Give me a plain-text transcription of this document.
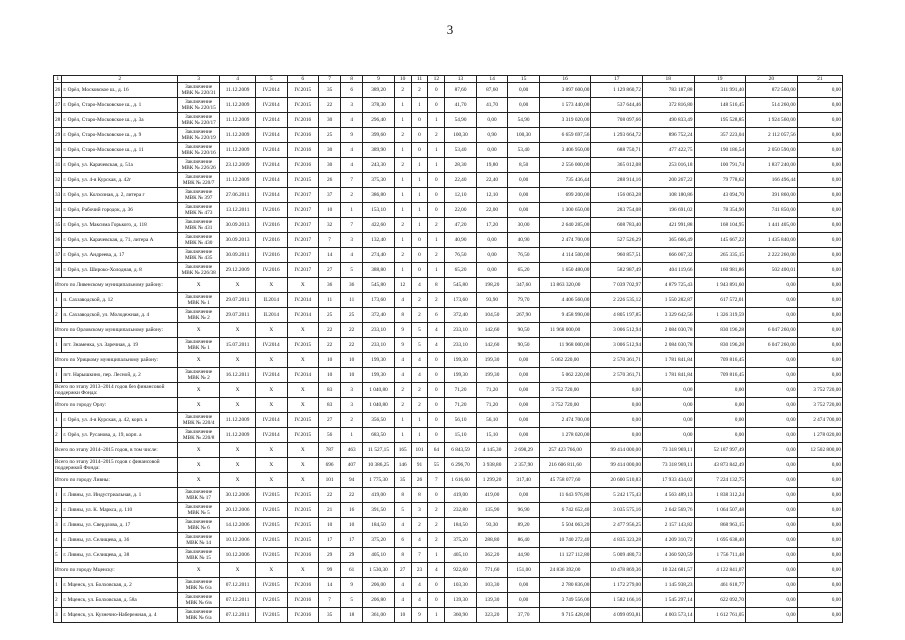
3
1	2	3	4	5	6	7	8	9	10	11	12	13	14	15	16	17	18	19	20	21
26	г. Орёл, Московское ш., д. 16	Заключение МВК № 220/31	11.12.2009	IV.2014	IV.2015	35	6	389,20	2	2	0	87,60	87,60	0,00	3 097 600,00	1 129 860,72	783 187,88	311 991,40	872 560,00	0,00
27	г. Орёл, Старо-Московское ш., д. 1	Заключение МВК № 220/15	11.12.2009	IV.2014	IV.2015	22	3	378,30	1	1	0	41,70	41,70	0,00	1 573 440,00	537 644,46	372 816,80	148 516,45	514 260,00	0,00
28	г. Орёл, Старо-Московское ш., д. 3а	Заключение МВК № 220/17	11.12.2009	IV.2014	IV.2016	30	4	296,40	1	0	1	54,90	0,00	54,90	3 319 020,00	708 097,66	490 833,49	195 528,85	1 924 560,00	0,00
29	г. Орёл, Старо-Московское ш., д. 9	Заключение МВК № 220/19	11.12.2009	IV.2014	IV.2016	25	9	399,60	2	0	2	100,30	0,90	100,30	6 659 697,56	1 293 664,72	896 752,24	357 223,04	2 112 057,56	0,00
30	г. Орёл, Старо-Московское ш., д. 11	Заключение МВК № 220/16	11.12.2009	IV.2014	IV.2016	30	4	389,90	1	0	1	53,40	0,00	53,40	3 406 950,00	688 750,71	477 422,75	190 186,54	2 050 590,00	0,00
31	г. Орёл, ул. Карачевская, д. 51а	Заключение МВК № 226/26	23.12.2009	IV.2014	IV.2016	30	4	243,30	2	1	1	28,30	19,80	8,50	2 556 000,00	365 012,08	253 016,18	100 791,74	1 837 240,00	0,00
32	г. Орёл, ул. 4-я Курская, д. 42г	Заключение МВК № 220/7	11.12.2009	IV.2014	IV.2015	26	7	375,30	1	1	0	22,40	22,40	0,00	735 436,44	288 914,16	200 267,22	79 778,62	166 496,44	0,00
33	г. Орёл, ул. Колхозная, д. 2, литера г	Заключение МВК № 397	27.06.2011	IV.2014	IV.2017	37	2	386,80	1	1	0	12,10	12,10	0,00	699 200,00	156 063,28	108 180,86	43 094,70	391 860,00	0,00
34	г. Орёл, Рабочий городок, д. 36	Заключение МВК № 473	13.12.2011	IV.2016	IV.2017	10	1	153,10	1	1	0	22,00	22,00	0,00	1 300 650,00	283 754,08	196 691,02	78 354,90	741 850,00	0,00
35	г. Орёл, ул. Максима Горького, д. 118	Заключение МВК № 431	30.09.2013	IV.2016	IV.2017	32	7	422,60	2	1	2	47,20	17,20	30,00	2 640 285,00	608 783,40	421 991,88	168 104,95	1 441 405,00	0,00
36	г. Орёл, ул. Карачевская, д. 71, литера А	Заключение МВК № 430	30.09.2013	IV.2016	IV.2017	7	3	132,40	1	0	1	40,90	0,00	40,90	2 474 700,00	527 526,29	365 666,49	145 667,22	1 435 840,00	0,00
37	г. Орёл, ул. Андреева, д. 17	Заключение МВК № 435	30.09.2011	IV.2016	IV.2017	14	4	274,40	2	0	2	76,50	0,00	76,50	4 114 500,00	960 857,51	666 067,32	265 335,15	2 222 260,00	0,00
38	г. Орёл, ул. Широко-Холодная, д. 8	Заключение МВК № 226/38	29.12.2009	IV.2016	IV.2017	27	5	388,80	1	0	1	65,20	0,00	65,20	1 650 480,00	582 987,49	404 119,66	160 981,86	502 400,01	0,00
Итого по Ливенскому муниципальному району:		X	X	X	X	36	36	545,80	12	4	8	545,80	198,20	347,60	13 863 320,00	7 039 702,97	4 879 725,43	1 943 891,60	0,00	0,00
1	п. Сахзаводской, д. 12	Заключение МВК № 1	29.07.2011	II.2014	IV.2014	11	11	173,60	4	2	2	173,60	93,90	79,70	4 406 560,00	2 226 535,12	1 550 282,87	617 572,01	0,00	0,00
2	п. Сахзаводской, ул. Молодежная, д. 4	Заключение МВК № 2	29.07.2011	II.2014	IV.2014	25	25	372,40	8	2	6	372,40	104,50	267,90	9 458 990,00	4 805 197,85	3 329 642,56	1 326 319,59	0,00	0,00
Итого по Орловскому муниципальному району:		X	X	X	X	22	22	233,10	9	5	4	233,10	142,60	90,50	11 968 000,00	3 006 512,94	2 084 030,78	830 196,28	6 047 260,00	0,00
1	пгт. Знаменка, ул. Заречная, д. 19	Заключение МВК № 1	15.07.2011	IV.2014	IV.2015	22	22	233,10	9	5	4	233,10	142,60	90,50	11 968 000,00	3 006 512,94	2 084 030,78	830 196,28	6 047 260,00	0,00
Итого по Урицкому муниципальному району:		X	X	X	X	10	10	199,30	4	4	0	199,30	199,30	0,00	5 062 220,00	2 570 361,71	1 781 841,84	709 816,45	0,00	0,00
1	пгт. Нарышкино, пер. Лесной, д. 2	Заключение МВК № 2	16.12.2011	IV.2014	IV.2014	10	10	199,30	4	4	0	199,30	199,30	0,00	5 062 220,00	2 570 361,71	1 781 841,84	709 816,45	0,00	0,00
Всего по этапу 2013–2014 годов без финансовой поддержки Фонда:		X	X	X	X	83	3	1 040,80	2	2	0	71,20	71,20	0,00	3 752 720,00	0,00	0,00	0,00	0,00	3 752 720,00
Итого по городу Орлу:		X	X	X	X	83	3	1 040,80	2	2	0	71,20	71,20	0,00	3 752 720,00	0,00	0,00	0,00	0,00	3 752 720,00
1	г. Орёл, ул. 4-я Курская, д. 42, корп. а	Заключение МВК № 220/4	11.12.2009	IV.2014	IV.2015	27	2	356,50	1	1	0	56,10	56,10	0,00	2 474 700,00	0,00	0,00	0,00	0,00	2 474 700,00
2	г. Орёл, ул. Русанова, д. 19, корп. а	Заключение МВК № 220/8	11.12.2009	IV.2014	IV.2015	56	1	683,50	1	1	0	15,10	15,10	0,00	1 278 020,00	0,00	0,00	0,00	0,00	1 278 020,00
Всего по этапу 2014–2015 годов, в том числе:		X	X	X	X	787	463	11 527,15	165	101	64	6 843,59	4 145,30	2 698,29	257 423 766,00	99 414 000,00	73 318 969,11	52 187 997,49	0,00	12 502 800,00
Всего по этапу 2014–2015 годов с финансовой поддержкой Фонда:		X	X	X	X	696	407	10 386,25	146	91	55	6 296,70	3 938,80	2 357,90	216 606 811,60	99 414 000,00	73 318 969,11	43 873 842,49	0,00	0,00
Итого по городу Ливны:		X	X	X	X	101	94	1 775,30	35	26	7	1 616,60	1 299,20	317,40	45 758 077,60	20 600 510,83	17 933 434,02	7 224 132,75	0,00	0,00
1	г. Ливны, ул. Индустриальная, д. 1	Заключение МВК № 17	30.12.2006	IV.2015	IV.2015	22	22	419,00	8	8	0	419,00	419,00	0,00	11 643 976,80	5 242 175,43	4 563 489,13	1 838 312,24	0,00	0,00
2	г. Ливны, ул. К. Маркса, д. 110	Заключение МВК № 5	20.12.2006	IV.2015	IV.2015	21	16	391,50	5	3	2	232,80	135,90	96,90	6 742 652,40	3 035 575,16	2 642 569,76	1 064 507,48	0,00	0,00
3	г. Ливны, ул. Свердлова, д. 17	Заключение МВК № 6	14.12.2006	IV.2015	IV.2015	10	10	184,50	4	2	2	184,50	93,30	89,20	5 504 063,20	2 477 956,25	2 157 143,82	868 963,15	0,00	0,00
4	г. Ливны, ул. Селищева, д. 36	Заключение МВК № 14	10.12.2006	IV.2015	IV.2015	17	17	375,20	6	4	2	375,20	288,80	86,40	10 740 272,40	4 835 323,28	4 209 310,72	1 695 638,40	0,00	0,00
5	г. Ливны, ул. Селищева, д. 38	Заключение МВК № 15	10.12.2006	IV.2015	IV.2016	29	29	405,10	8	7	1	405,10	362,20	44,90	11 127 112,80	5 009 480,73	4 360 920,59	1 756 711,48	0,00	0,00
Итого по городу Мценску:		X	X	X	X	99	61	1 530,30	27	23	4	922,60	771,60	151,00	24 836 392,00	10 478 869,36	10 324 681,57	4 122 841,07	0,00	0,00
1	г. Мценск, ул. Болховская, д. 2	Заключение МВК № 6/а	07.12.2011	IV.2015	IV.2016	14	9	206,00	4	4	0	103,30	103,30	0,00	2 780 836,00	1 172 279,00	1 145 938,23	461 618,77	0,00	0,00
2	г. Мценск, ул. Болховская, д. 58а	Заключение МВК № 6/в	07.12.2011	IV.2015	IV.2016	7	5	206,80	4	4	0	139,30	139,30	0,00	3 749 556,00	1 582 166,16	1 545 297,14	622 092,70	0,00	0,00
3	г. Мценск, ул. Кузнечно-Набережная, д. 4	Заключение МВК № 6/а	07.12.2011	IV.2015	IV.2016	35	18	361,00	10	9	1	360,90	323,20	37,70	9 715 428,00	4 099 093,81	4 003 573,14	1 612 761,05	0,00	0,00
